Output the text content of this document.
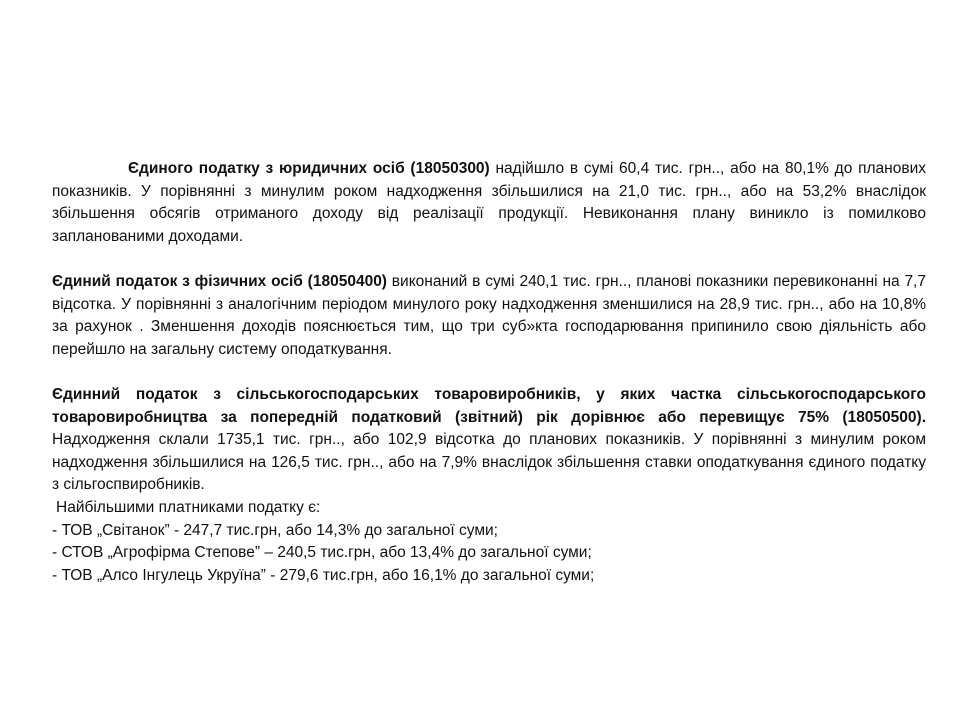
Єдиного податку з юридичних осіб (18050300) надійшло в сумі 60,4 тис. грн.., або на 80,1% до планових показників. У порівнянні з минулим роком надходження збільшилися на 21,0 тис. грн.., або на 53,2% внаслідок збільшення обсягів отриманого доходу від реалізації продукції. Невиконання плану виникло із помилково запланованими доходами.

Єдиний податок з фізичних осіб (18050400) виконаний в сумі 240,1 тис. грн.., планові показники перевиконанні на 7,7 відсотка. У порівнянні з аналогічним періодом минулого року надходження зменшилися на 28,9 тис. грн.., або на 10,8% за рахунок . Зменшення доходів пояснюється тим, що три суб»кта господарювання припинило свою діяльність або перейшло на загальну систему оподаткування.

Єдинний податок з сільськогосподарських товаровиробників, у яких частка сільськогосподарського товаровиробництва за попередній податковий (звітний) рік дорівнює або перевищує 75% (18050500). Надходження склали 1735,1 тис. грн.., або 102,9 відсотка до планових показників. У порівнянні з минулим роком надходження збільшилися на 126,5 тис. грн.., або на 7,9% внаслідок збільшення ставки оподаткування єдиного податку з сільгоспвиробників.

Найбільшими платниками податку є:

- ТОВ „Світанок” - 247,7 тис.грн, або 14,3% до загальної суми;

- СТОВ „Агрофірма Степове” – 240,5 тис.грн, або 13,4% до загальної суми;

- ТОВ „Алсо Інгулець Укруїна” - 279,6 тис.грн, або 16,1% до загальної суми;
